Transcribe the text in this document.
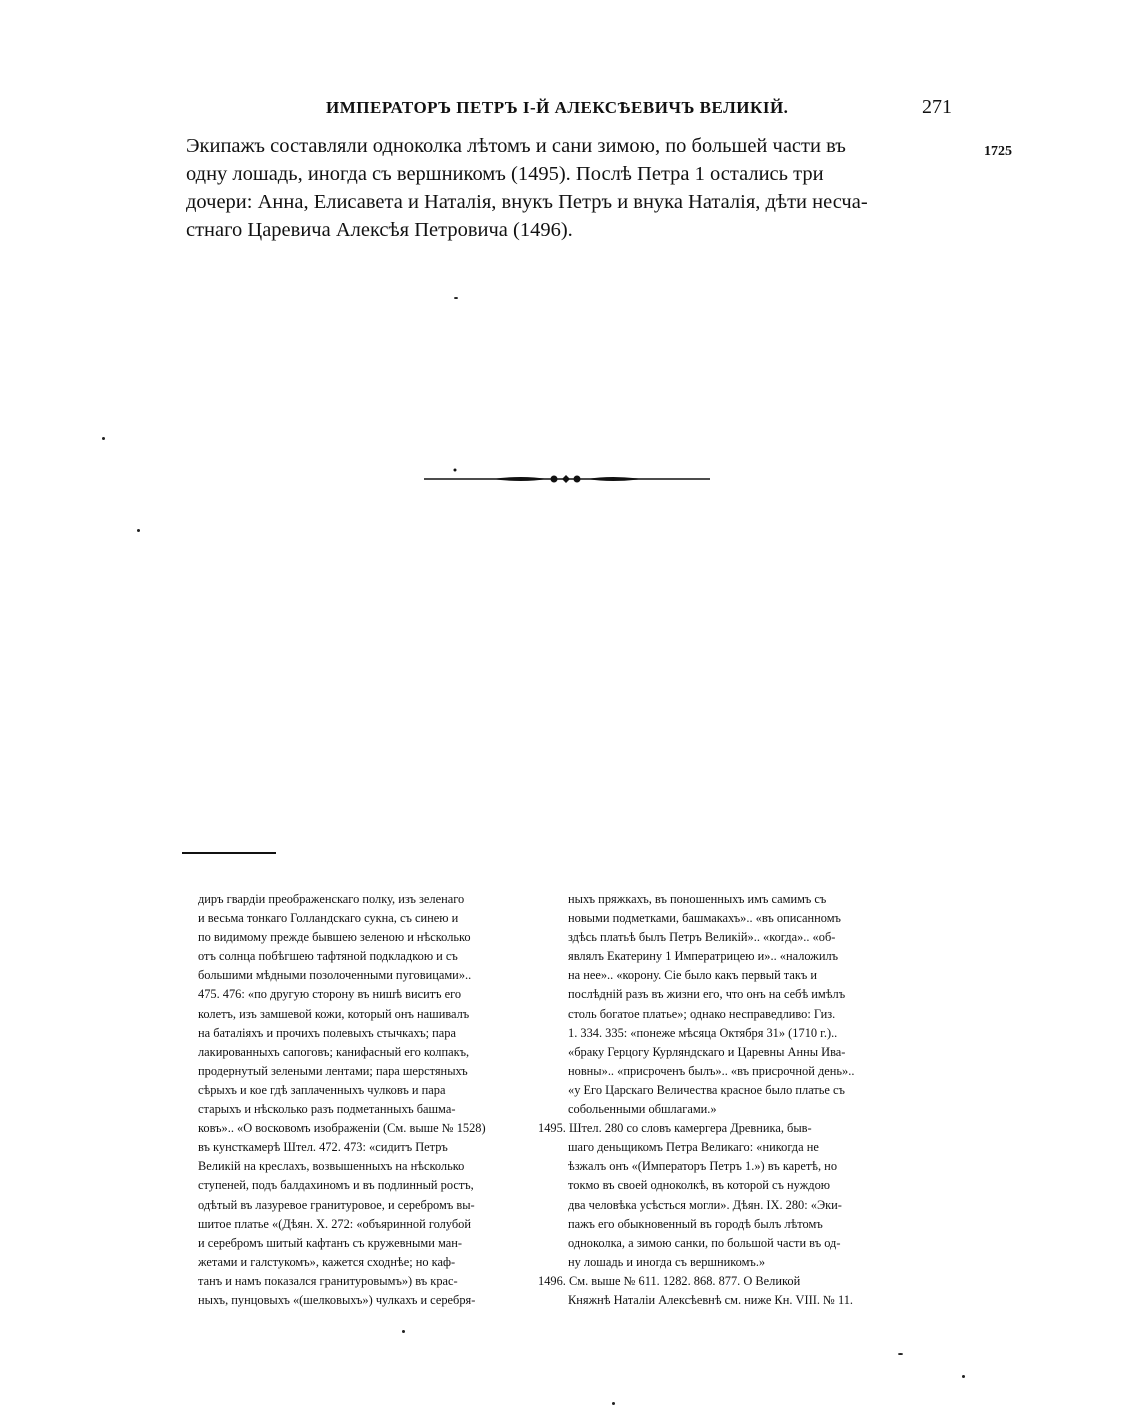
ИМПЕРАТОРЪ ПЕТРЪ І-Й АЛЕКСѢЕВИЧЪ ВЕЛИКІЙ.	271
1725
Экипажъ составляли одноколка лѣтомъ и сани зимою, по большей части въ
одну лошадь, иногда съ вершникомъ (1495). Послѣ Петра 1 остались три
дочери: Анна, Елисавета и Наталія, внукъ Петръ и внука Наталія, дѣти несча-
стнаго Царевича Алексѣя Петровича (1496).
диръ гвардіи преображенскаго полку, изъ зеленаго
и весьма тонкаго Голландскаго сукна, съ синею и
по видимому прежде бывшею зеленою и нѣсколько
отъ солнца побѣгшею тафтяной подкладкою и съ
большими мѣдными позолоченными пуговицами»..
475. 476: «по другую сторону въ нишѣ виситъ его
колетъ, изъ замшевой кожи, который онъ нашивалъ
на баталіяхъ и прочихъ полевыхъ стычкахъ; пара
лакированныхъ сапоговъ; канифасный его колпакъ,
продернутый зелеными лентами; пара шерстяныхъ
сѣрыхъ и кое гдѣ заплаченныхъ чулковъ и пара
старыхъ и нѣсколько разъ подметанныхъ башма-
ковъ».. «О восковомъ изображеніи (См. выше № 1528)
въ кунсткамерѣ Штел. 472. 473: «сидитъ Петръ
Великій на креслахъ, возвышенныхъ на нѣсколько
ступеней, подъ балдахиномъ и въ подлинный ростъ,
одѣтый въ лазуревое гранитуровое, и серебромъ вы-
шитое платье «(Дѣян. Х. 272: «объяринной голубой
и серебромъ шитый кафтанъ съ кружевными ман-
жетами и галстукомъ», кажется сходнѣе; но каф-
танъ и намъ показался гранитуровымъ») въ крас-
ныхъ, пунцовыхъ «(шелковыхъ») чулкахъ и серебря-
ныхъ пряжкахъ, въ поношенныхъ имъ самимъ съ
новыми подметками, башмакахъ».. «въ описанномъ
здѣсь платьѣ былъ Петръ Великій».. «когда».. «об-
являлъ Екатерину 1 Императрицею и».. «наложилъ
на нее».. «корону. Сіе было какъ первый такъ и
послѣдній разъ въ жизни его, что онъ на себѣ имѣлъ
столь богатое платье»; однако несправедливо: Гиз.
1. 334. 335: «понеже мѣсяца Октября 31» (1710 г.)..
«браку Герцогу Курляндскаго и Царевны Анны Ива-
новны».. «присроченъ былъ».. «въ присрочной день»..
«у Его Царскаго Величества красное было платье съ
собольенными обшлагами.»
1495. Штел. 280 со словъ камергера Древника, быв-
шаго деньщикомъ Петра Великаго: «никогда не
ѣзжалъ онъ «(Императоръ Петръ 1.») въ каретѣ, но
токмо въ своей одноколкѣ, въ которой съ нуждою
два человѣка усѣсться могли». Дѣян. IX. 280: «Эки-
пажъ его обыкновенный въ городѣ былъ лѣтомъ
одноколка, а зимою санки, по большой части въ од-
ну лошадь и иногда съ вершникомъ.»
1496. См. выше № 611. 1282. 868. 877. О Великой
Княжнѣ Наталіи Алексѣевнѣ см. ниже Кн. VIII. № 11.
